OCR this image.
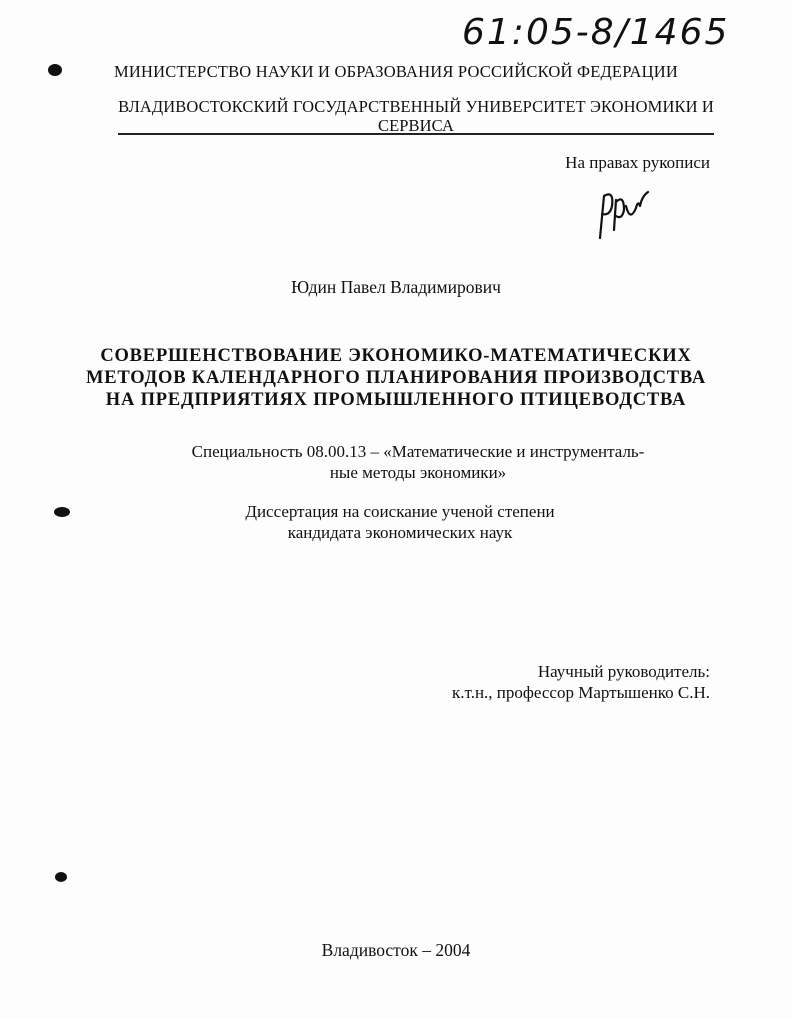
61:05-8/1465
МИНИСТЕРСТВО НАУКИ И ОБРАЗОВАНИЯ РОССИЙСКОЙ ФЕДЕРАЦИИ
ВЛАДИВОСТОКСКИЙ ГОСУДАРСТВЕННЫЙ УНИВЕРСИТЕТ ЭКОНОМИКИ И
СЕРВИСА
На правах рукописи
Юдин Павел Владимирович
СОВЕРШЕНСТВОВАНИЕ ЭКОНОМИКО-МАТЕМАТИЧЕСКИХ
МЕТОДОВ КАЛЕНДАРНОГО ПЛАНИРОВАНИЯ ПРОИЗВОДСТВА
НА ПРЕДПРИЯТИЯХ ПРОМЫШЛЕННОГО ПТИЦЕВОДСТВА
Специальность 08.00.13 – «Математические и инструменталь-
ные методы экономики»
Диссертация на соискание ученой степени
кандидата экономических наук
Научный руководитель:
к.т.н., профессор Мартышенко С.Н.
Владивосток – 2004
